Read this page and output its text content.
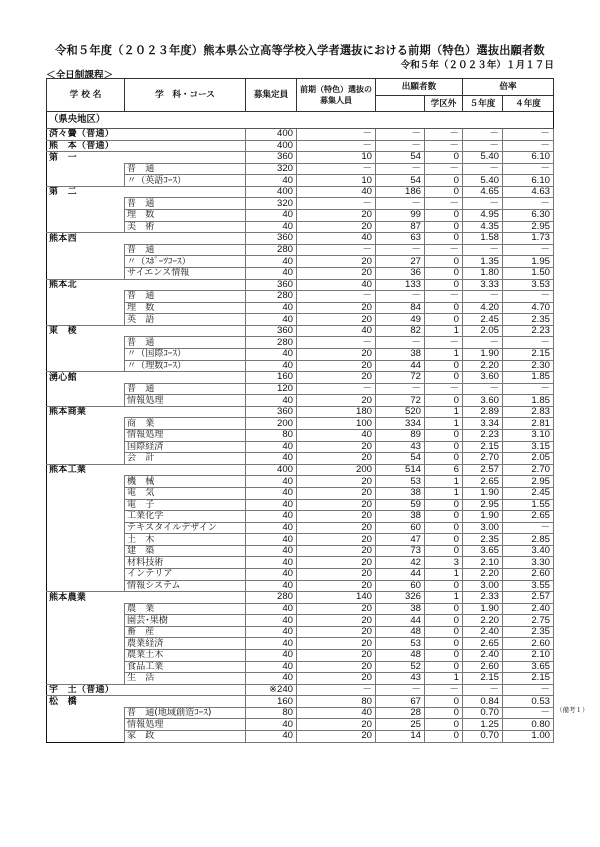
令和５年度（２０２３年度）熊本県公立高等学校入学者選抜における前期（特色）選抜出願者数
令和５年（２０２３年）１月１７日
＜全日制課程＞
学 校 名	学　科・コース	募集定員	前期（特色）選抜の募集人員	出願者数		倍率	
					学区外	５年度	４年度
（県央地区）							
済々黌（普通）		400	－	－	－	－	－
熊　本（普通）		400	－	－	－	－	－
第　一		360	10	54	0	5.40	6.10
	普　通	320	－	－	－	－	－
	〃（英語ｺｰｽ）	40	10	54	0	5.40	6.10
第　二		400	40	186	0	4.65	4.63
	普　通	320	－	－	－	－	－
	理　数	40	20	99	0	4.95	6.30
	美　術	40	20	87	0	4.35	2.95
熊本西		360	40	63	0	1.58	1.73
	普　通	280	－	－	－	－	－
	〃（ｽﾎﾟｰﾂｺｰｽ）	40	20	27	0	1.35	1.95
	サイエンス情報	40	20	36	0	1.80	1.50
熊本北		360	40	133	0	3.33	3.53
	普　通	280	－	－	－	－	－
	理　数	40	20	84	0	4.20	4.70
	英　語	40	20	49	0	2.45	2.35
東　稜		360	40	82	1	2.05	2.23
	普　通	280	－	－	－	－	－
	〃（国際ｺｰｽ）	40	20	38	1	1.90	2.15
	〃（理数ｺｰｽ）	40	20	44	0	2.20	2.30
湧心館		160	20	72	0	3.60	1.85
	普　通	120	－	－	－	－	－
	情報処理	40	20	72	0	3.60	1.85
熊本商業		360	180	520	1	2.89	2.83
	商　業	200	100	334	1	3.34	2.81
	情報処理	80	40	89	0	2.23	3.10
	国際経済	40	20	43	0	2.15	3.15
	会　計	40	20	54	0	2.70	2.05
熊本工業		400	200	514	6	2.57	2.70
	機　械	40	20	53	1	2.65	2.95
	電　気	40	20	38	1	1.90	2.45
	電　子	40	20	59	0	2.95	1.55
	工業化学	40	20	38	0	1.90	2.65
	テキスタイルデザイン	40	20	60	0	3.00	－
	土　木	40	20	47	0	2.35	2.85
	建　築	40	20	73	0	3.65	3.40
	材料技術	40	20	42	3	2.10	3.30
	インテリア	40	20	44	1	2.20	2.60
	情報システム	40	20	60	0	3.00	3.55
熊本農業		280	140	326	1	2.33	2.57
	農　業	40	20	38	0	1.90	2.40
	園芸･果樹	40	20	44	0	2.20	2.75
	畜　産	40	20	48	0	2.40	2.35
	農業経済	40	20	53	0	2.65	2.60
	農業土木	40	20	48	0	2.40	2.10
	食品工業	40	20	52	0	2.60	3.65
	生　活	40	20	43	1	2.15	2.15
宇　土（普通）		※240	－	－	－	－	－
松　橋		160	80	67	0	0.84	0.53
	普　通(地域創造ｺｰｽ)	80	40	28	0	0.70	－
	情報処理	40	20	25	0	1.25	0.80
	家　政	40	20	14	0	0.70	1.00
（備考１）
